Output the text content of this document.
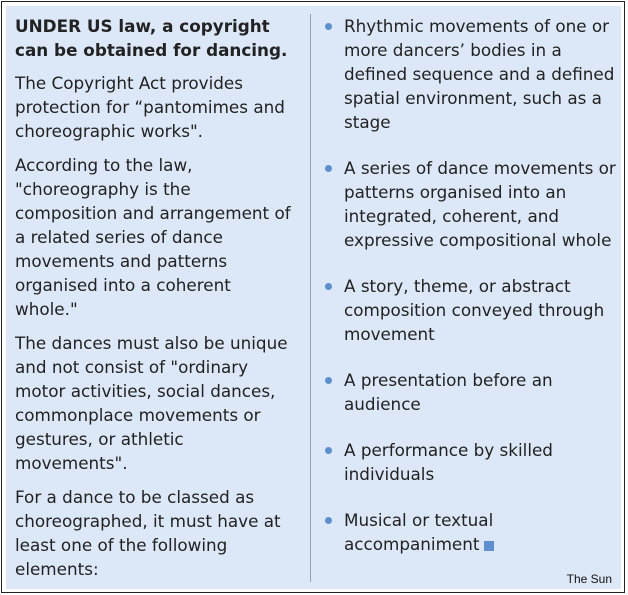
UNDER US law, a copyright can be obtained for dancing.

The Copyright Act provides protection for “pantomimes and choreographic works".

According to the law, "choreography is the composition and arrangement of a related series of dance movements and patterns organised into a coherent whole."

The dances must also be unique and not consist of "ordinary motor activities, social dances, commonplace movements or gestures, or athletic movements".

For a dance to be classed as choreographed, it must have at least one of the following elements:

Rhythmic movements of one or more dancers’ bodies in a defined sequence and a defined spatial environment, such as a stage
A series of dance movements or patterns organised into an integrated, coherent, and expressive compositional whole
A story, theme, or abstract composition conveyed through movement
A presentation before an audience
A performance by skilled individuals
Musical or textual accompaniment
The Sun
